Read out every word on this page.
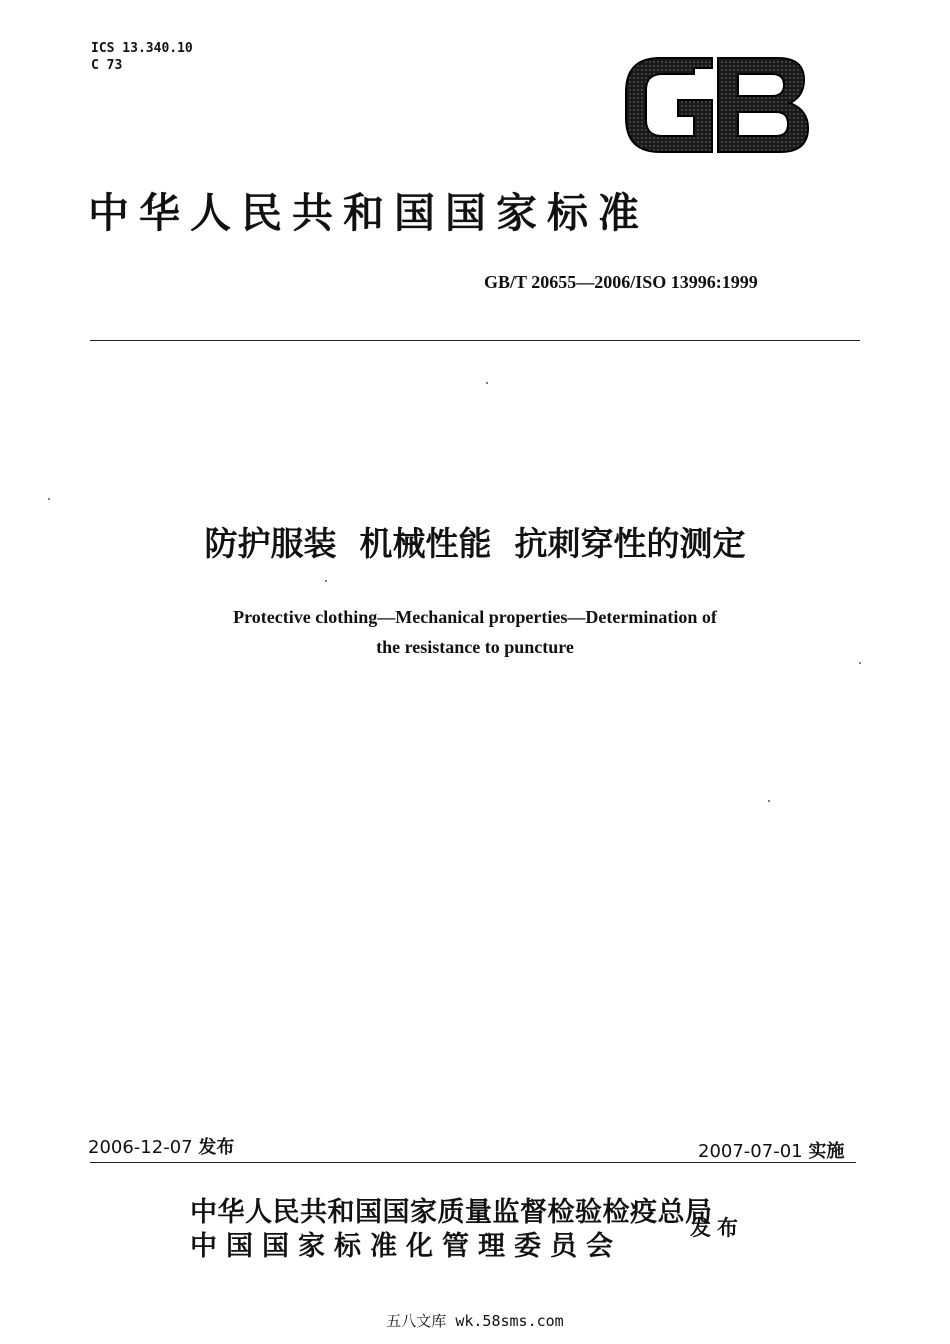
ICS 13.340.10
C 73
GB
中华人民共和国国家标准
GB/T 20655—2006/ISO 13996:1999
防护服装  机械性能  抗刺穿性的测定
Protective clothing—Mechanical properties—Determination of
the resistance to puncture
2006-12-07 发布	2007-07-01 实施
中华人民共和国国家质量监督检验检疫总局
中国国家标准化管理委员会
发布
五八文库 wk.58sms.com
